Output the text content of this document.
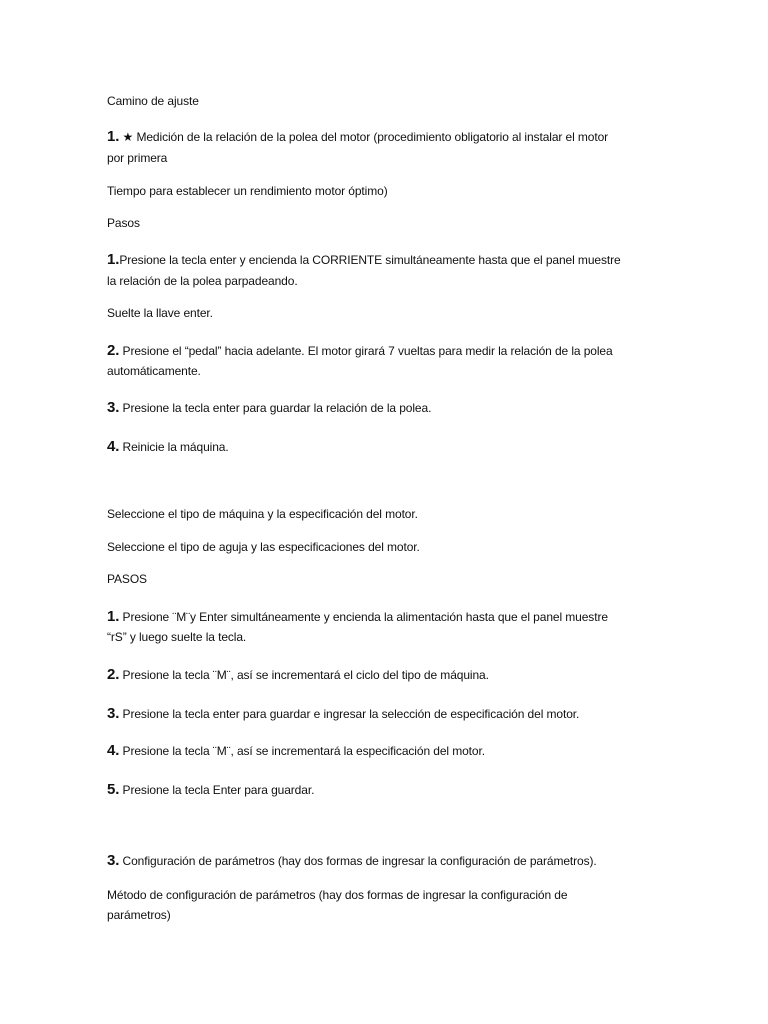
Camino de ajuste
1. ★ Medición de la relación de la polea del motor (procedimiento obligatorio al instalar el motor
por primera
Tiempo para establecer un rendimiento motor óptimo)
Pasos
1.Presione la tecla enter y encienda la CORRIENTE simultáneamente hasta que el panel muestre
la relación de la polea parpadeando.
Suelte la llave enter.
2. Presione el “pedal” hacia adelante. El motor girará 7 vueltas para medir la relación de la polea
automáticamente.
3. Presione la tecla enter para guardar la relación de la polea.
4. Reinicie la máquina.
Seleccione el tipo de máquina y la especificación del motor.
Seleccione el tipo de aguja y las especificaciones del motor.
PASOS
1. Presione ¨M¨y Enter simultáneamente y encienda la alimentación hasta que el panel muestre
“rS” y luego suelte la tecla.
2. Presione la tecla ¨M¨, así se incrementará el ciclo del tipo de máquina.
3. Presione la tecla enter para guardar e ingresar la selección de especificación del motor.
4. Presione la tecla ¨M¨, así se incrementará la especificación del motor.
5. Presione la tecla Enter para guardar.
3. Configuración de parámetros (hay dos formas de ingresar la configuración de parámetros).
Método de configuración de parámetros (hay dos formas de ingresar la configuración de
parámetros)
